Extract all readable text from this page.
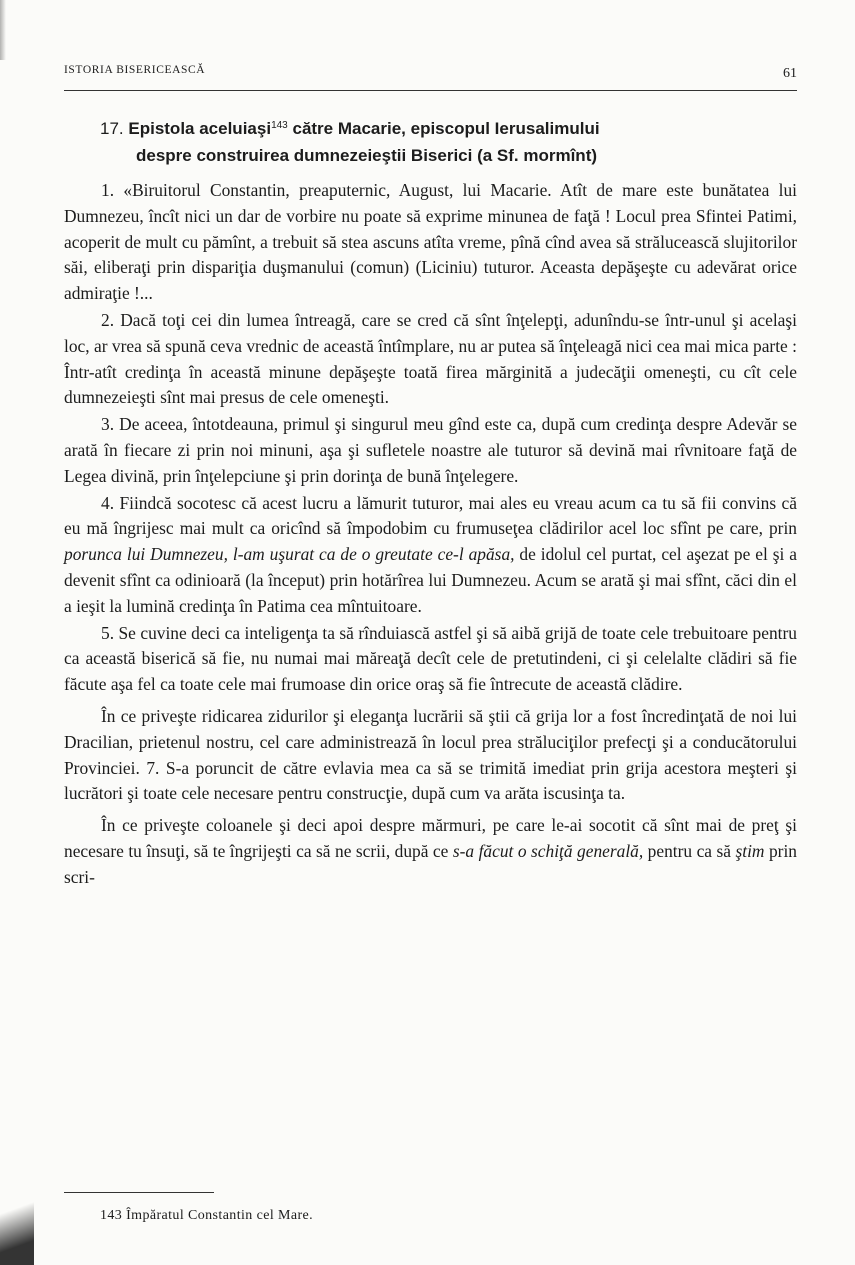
ISTORIA BISERICEASCĂ	61
17. Epistola aceluiaşi$^{143}$ către Macarie, episcopul Ierusalimului
despre construirea dumnezeieştii Biserici (a Sf. mormînt)

1. «Biruitorul Constantin, preaputernic, August, lui Macarie. Atît de mare este bunătatea lui Dumnezeu, încît nici un dar de vorbire nu poate să exprime minunea de faţă ! Locul prea Sfintei Patimi, acoperit de mult cu pămînt, a trebuit să stea ascuns atîta vreme, pînă cînd avea să strălucească slujitorilor săi, eliberaţi prin dispariţia duşmanului (comun) (Liciniu) tuturor. Aceasta depăşeşte cu adevărat orice admiraţie !...

2. Dacă toţi cei din lumea întreagă, care se cred că sînt înţelepţi, adunîndu-se într-unul şi acelaşi loc, ar vrea să spună ceva vrednic de această întîmplare, nu ar putea să înţeleagă nici cea mai mica parte : Într-atît credinţa în această minune depăşeşte toată firea mărginită a judecăţii omeneşti, cu cît cele dumnezeieşti sînt mai presus de cele omeneşti.

3. De aceea, întotdeauna, primul şi singurul meu gînd este ca, după cum credinţa despre Adevăr se arată în fiecare zi prin noi minuni, aşa şi sufletele noastre ale tuturor să devină mai rîvnitoare faţă de Legea divină, prin înţelepciune şi prin dorinţa de bună înţelegere.

4. Fiindcă socotesc că acest lucru a lămurit tuturor, mai ales eu vreau acum ca tu să fii convins că eu mă îngrijesc mai mult ca oricînd să împodobim cu frumuseţea clădirilor acel loc sfînt pe care, prin porunca lui Dumnezeu, l-am uşurat ca de o greutate ce-l apăsa, de idolul cel purtat, cel aşezat pe el şi a devenit sfînt ca odinioară (la început) prin hotărîrea lui Dumnezeu. Acum se arată şi mai sfînt, căci din el a ieşit la lumină credinţa în Patima cea mîntuitoare.

5. Se cuvine deci ca inteligenţa ta să rînduiască astfel şi să aibă grijă de toate cele trebuitoare pentru ca această biserică să fie, nu numai mai măreaţă decît cele de pretutindeni, ci şi celelalte clădiri să fie făcute aşa fel ca toate cele mai frumoase din orice oraş să fie întrecute de această clădire.

În ce priveşte ridicarea zidurilor şi eleganţa lucrării să ştii că grija lor a fost încredinţată de noi lui Dracilian, prietenul nostru, cel care administrează în locul prea străluciţilor prefecţi şi a conducătorului Provinciei. 7. S-a poruncit de către evlavia mea ca să se trimită imediat prin grija acestora meşteri şi lucrători şi toate cele necesare pentru construcţie, după cum va arăta iscusinţa ta.

În ce priveşte coloanele şi deci apoi despre mărmuri, pe care le-ai socotit că sînt mai de preţ şi necesare tu însuţi, să te îngrijeşti ca să ne scrii, după ce s-a făcut o schiţă generală, pentru ca să ştim prin scri-

143 Împăratul Constantin cel Mare.
